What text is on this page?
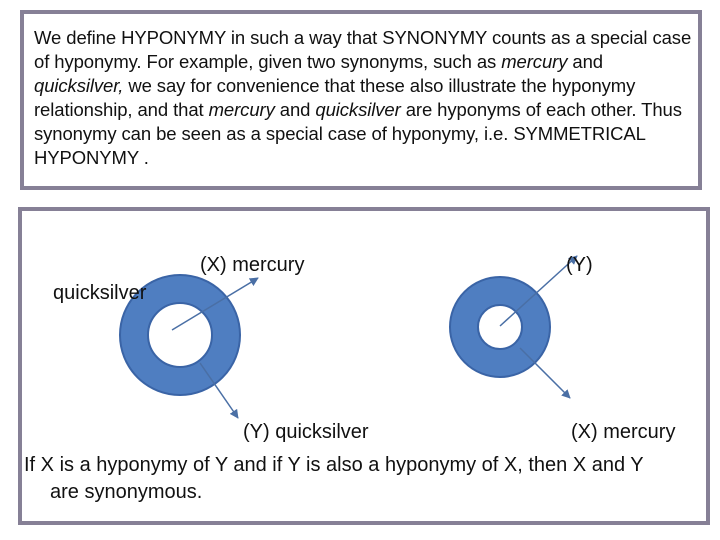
We define HYPONYMY in such a way that SYNONYMY counts as a special case of hyponymy. For example, given two synonyms, such as mercury and quicksilver, we say for convenience that these also illustrate the hyponymy relationship, and that mercury and quicksilver are hyponyms of each other. Thus synonymy can be seen as a special case of hyponymy, i.e. SYMMETRICAL HYPONYMY .

(X) mercury
quicksilver
(Y)
(Y) quicksilver	(X) mercury
If X is a hyponymy of Y and if Y is also a hyponymy of X, then X and Y
are synonymous.
